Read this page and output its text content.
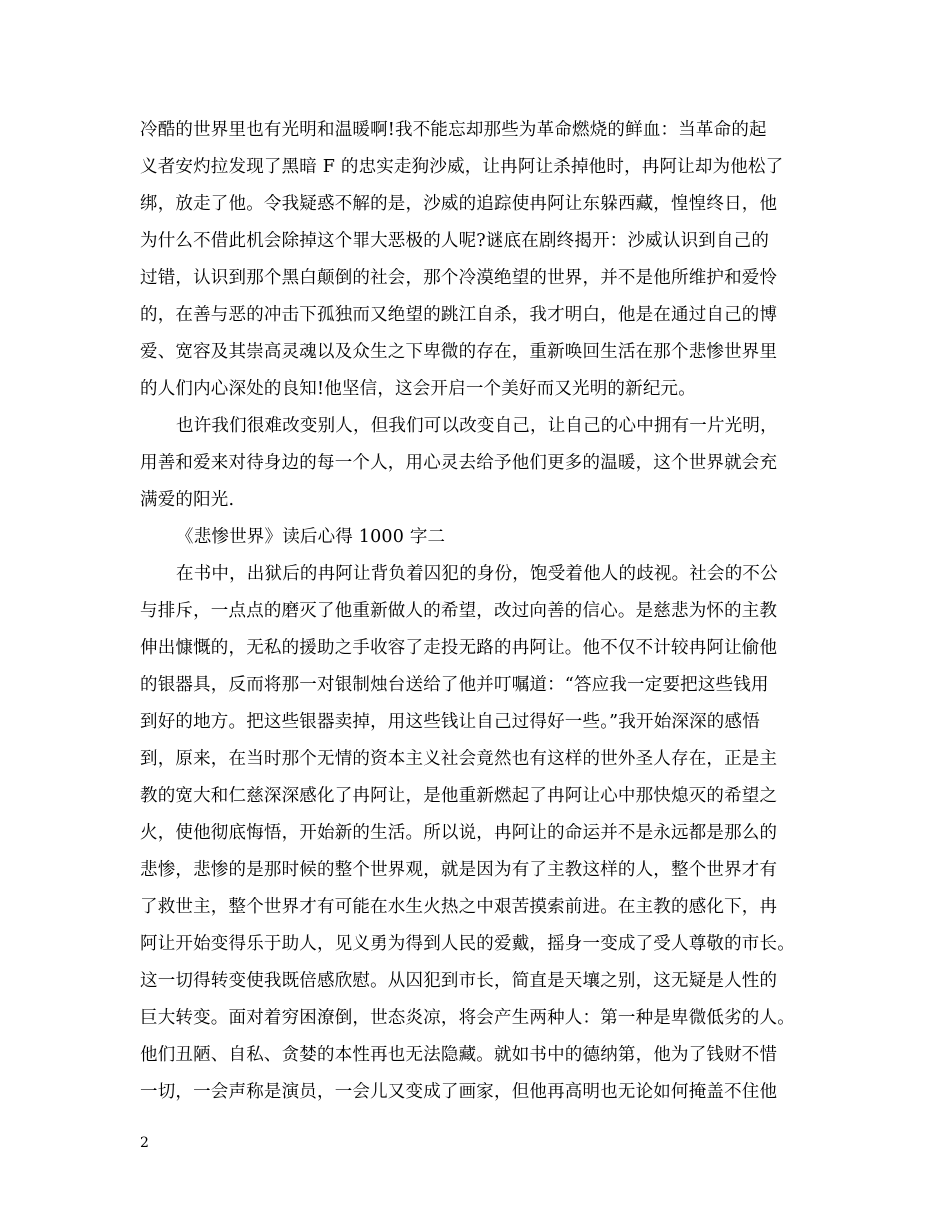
冷酷的世界里也有光明和温暖啊!我不能忘却那些为革命燃烧的鲜血：当革命的起
义者安灼拉发现了黑暗 F 的忠实走狗沙威，让冉阿让杀掉他时，冉阿让却为他松了
绑，放走了他。令我疑惑不解的是，沙威的追踪使冉阿让东躲西藏，惶惶终日，他
为什么不借此机会除掉这个罪大恶极的人呢?谜底在剧终揭开：沙威认识到自己的
过错，认识到那个黑白颠倒的社会，那个冷漠绝望的世界，并不是他所维护和爱怜
的，在善与恶的冲击下孤独而又绝望的跳江自杀，我才明白，他是在通过自己的博
爱、宽容及其崇高灵魂以及众生之下卑微的存在，重新唤回生活在那个悲惨世界里
的人们内心深处的良知!他坚信，这会开启一个美好而又光明的新纪元。
也许我们很难改变别人，但我们可以改变自己，让自己的心中拥有一片光明，
用善和爱来对待身边的每一个人，用心灵去给予他们更多的温暖，这个世界就会充
满爱的阳光.
《悲惨世界》读后心得 1000 字二
在书中，出狱后的冉阿让背负着囚犯的身份，饱受着他人的歧视。社会的不公
与排斥，一点点的磨灭了他重新做人的希望，改过向善的信心。是慈悲为怀的主教
伸出慷慨的，无私的援助之手收容了走投无路的冉阿让。他不仅不计较冉阿让偷他
的银器具，反而将那一对银制烛台送给了他并叮嘱道：“答应我一定要把这些钱用
到好的地方。把这些银器卖掉，用这些钱让自己过得好一些。”我开始深深的感悟
到，原来，在当时那个无情的资本主义社会竟然也有这样的世外圣人存在，正是主
教的宽大和仁慈深深感化了冉阿让，是他重新燃起了冉阿让心中那快熄灭的希望之
火，使他彻底悔悟，开始新的生活。所以说，冉阿让的命运并不是永远都是那么的
悲惨，悲惨的是那时候的整个世界观，就是因为有了主教这样的人，整个世界才有
了救世主，整个世界才有可能在水生火热之中艰苦摸索前进。在主教的感化下，冉
阿让开始变得乐于助人，见义勇为得到人民的爱戴，摇身一变成了受人尊敬的市长。
这一切得转变使我既倍感欣慰。从囚犯到市长，简直是天壤之别，这无疑是人性的
巨大转变。面对着穷困潦倒，世态炎凉，将会产生两种人：第一种是卑微低劣的人。
他们丑陋、自私、贪婪的本性再也无法隐藏。就如书中的德纳第，他为了钱财不惜
一切，一会声称是演员，一会儿又变成了画家，但他再高明也无论如何掩盖不住他
2
